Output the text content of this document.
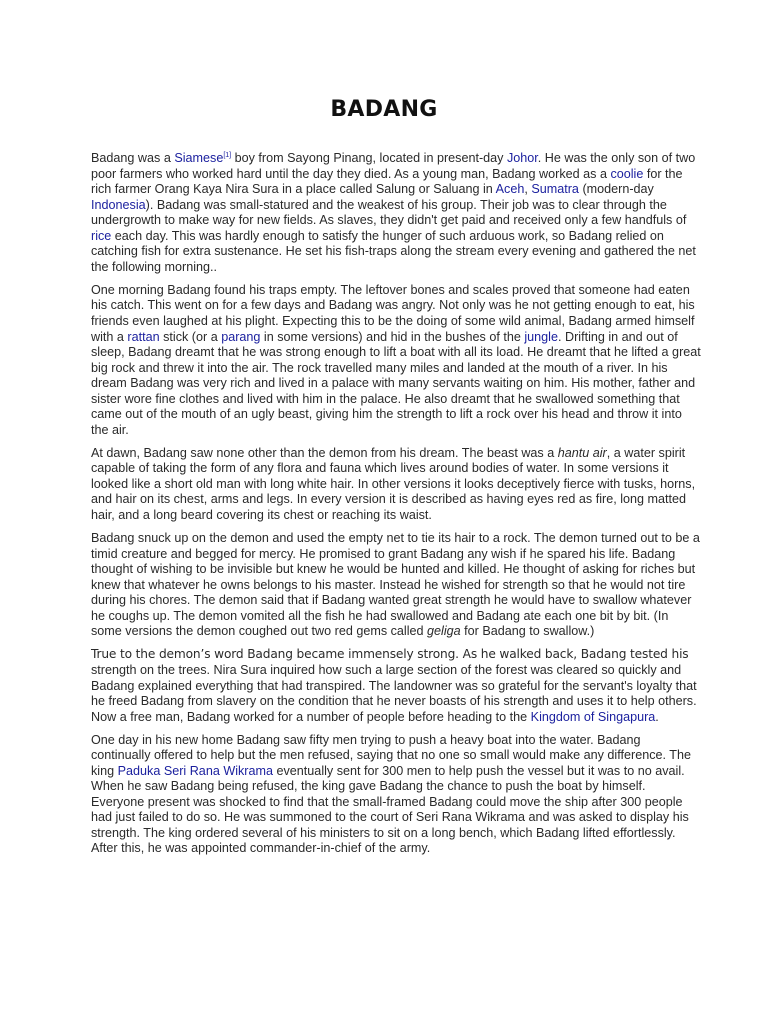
BADANG

Badang was a Siamese[1] boy from Sayong Pinang, located in present-day Johor. He was the only son of two poor farmers who worked hard until the day they died. As a young man, Badang worked as a coolie for the rich farmer Orang Kaya Nira Sura in a place called Salung or Saluang in Aceh, Sumatra (modern-day Indonesia). Badang was small-statured and the weakest of his group. Their job was to clear through the undergrowth to make way for new fields. As slaves, they didn't get paid and received only a few handfuls of rice each day. This was hardly enough to satisfy the hunger of such arduous work, so Badang relied on catching fish for extra sustenance. He set his fish-traps along the stream every evening and gathered the net the following morning..

One morning Badang found his traps empty. The leftover bones and scales proved that someone had eaten his catch. This went on for a few days and Badang was angry. Not only was he not getting enough to eat, his friends even laughed at his plight. Expecting this to be the doing of some wild animal, Badang armed himself with a rattan stick (or a parang in some versions) and hid in the bushes of the jungle. Drifting in and out of sleep, Badang dreamt that he was strong enough to lift a boat with all its load. He dreamt that he lifted a great big rock and threw it into the air. The rock travelled many miles and landed at the mouth of a river. In his dream Badang was very rich and lived in a palace with many servants waiting on him. His mother, father and sister wore fine clothes and lived with him in the palace. He also dreamt that he swallowed something that came out of the mouth of an ugly beast, giving him the strength to lift a rock over his head and throw it into the air.

At dawn, Badang saw none other than the demon from his dream. The beast was a hantu air, a water spirit capable of taking the form of any flora and fauna which lives around bodies of water. In some versions it looked like a short old man with long white hair. In other versions it looks deceptively fierce with tusks, horns, and hair on its chest, arms and legs. In every version it is described as having eyes red as fire, long matted hair, and a long beard covering its chest or reaching its waist.

Badang snuck up on the demon and used the empty net to tie its hair to a rock. The demon turned out to be a timid creature and begged for mercy. He promised to grant Badang any wish if he spared his life. Badang thought of wishing to be invisible but knew he would be hunted and killed. He thought of asking for riches but knew that whatever he owns belongs to his master. Instead he wished for strength so that he would not tire during his chores. The demon said that if Badang wanted great strength he would have to swallow whatever he coughs up. The demon vomited all the fish he had swallowed and Badang ate each one bit by bit. (In some versions the demon coughed out two red gems called geliga for Badang to swallow.)

True to the demon’s word Badang became immensely strong. As he walked back, Badang tested his strength on the trees. Nira Sura inquired how such a large section of the forest was cleared so quickly and Badang explained everything that had transpired. The landowner was so grateful for the servant's loyalty that he freed Badang from slavery on the condition that he never boasts of his strength and uses it to help others. Now a free man, Badang worked for a number of people before heading to the Kingdom of Singapura.

One day in his new home Badang saw fifty men trying to push a heavy boat into the water. Badang continually offered to help but the men refused, saying that no one so small would make any difference. The king Paduka Seri Rana Wikrama eventually sent for 300 men to help push the vessel but it was to no avail. When he saw Badang being refused, the king gave Badang the chance to push the boat by himself. Everyone present was shocked to find that the small-framed Badang could move the ship after 300 people had just failed to do so. He was summoned to the court of Seri Rana Wikrama and was asked to display his strength. The king ordered several of his ministers to sit on a long bench, which Badang lifted effortlessly. After this, he was appointed commander-in-chief of the army.
